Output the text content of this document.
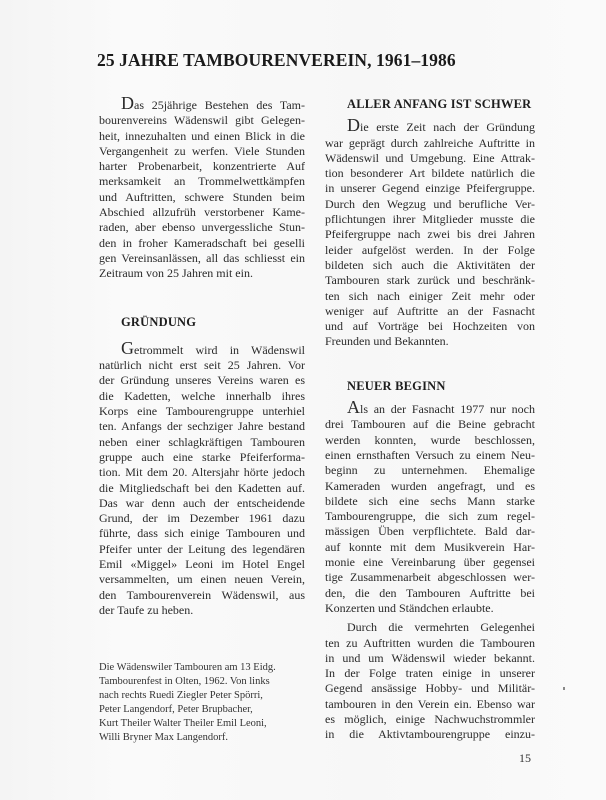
25 JAHRE TAMBOURENVEREIN, 1961–1986
Das 25jährige Bestehen des Tam-
bourenvereins Wädenswil gibt Gelegen-
heit, innezuhalten und einen Blick in die
Vergangenheit zu werfen. Viele Stunden
harter Probenarbeit, konzentrierte Auf
merksamkeit an Trommelwettkämpfen
und Auftritten, schwere Stunden beim
Abschied allzufrüh verstorbener Kame-
raden, aber ebenso unvergessliche Stun-
den in froher Kameradschaft bei geselli
gen Vereinsanlässen, all das schliesst ein
Zeitraum von 25 Jahren mit ein.
GRÜNDUNG
Getrommelt wird in Wädenswil
natürlich nicht erst seit 25 Jahren. Vor
der Gründung unseres Vereins waren es
die Kadetten, welche innerhalb ihres
Korps eine Tambourengruppe unterhiel
ten. Anfangs der sechziger Jahre bestand
neben einer schlagkräftigen Tambouren
gruppe auch eine starke Pfeiferforma-
tion. Mit dem 20. Altersjahr hörte jedoch
die Mitgliedschaft bei den Kadetten auf.
Das war denn auch der entscheidende
Grund, der im Dezember 1961 dazu
führte, dass sich einige Tambouren und
Pfeifer unter der Leitung des legendären
Emil «Miggel» Leoni im Hotel Engel
versammelten, um einen neuen Verein,
den Tambourenverein Wädenswil, aus
der Taufe zu heben.
Die Wädenswiler Tambouren am 13 Eidg.
Tambourenfest in Olten, 1962. Von links
nach rechts Ruedi Ziegler Peter Spörri,
Peter Langendorf, Peter Brupbacher,
Kurt Theiler Walter Theiler Emil Leoni,
Willi Bryner Max Langendorf.
ALLER ANFANG IST SCHWER
Die erste Zeit nach der Gründung
war geprägt durch zahlreiche Auftritte in
Wädenswil und Umgebung. Eine Attrak-
tion besonderer Art bildete natürlich die
in unserer Gegend einzige Pfeifergruppe.
Durch den Wegzug und berufliche Ver-
pflichtungen ihrer Mitglieder musste die
Pfeifergruppe nach zwei bis drei Jahren
leider aufgelöst werden. In der Folge
bildeten sich auch die Aktivitäten der
Tambouren stark zurück und beschränk-
ten sich nach einiger Zeit mehr oder
weniger auf Auftritte an der Fasnacht
und auf Vorträge bei Hochzeiten von
Freunden und Bekannten.
NEUER BEGINN
Als an der Fasnacht 1977 nur noch
drei Tambouren auf die Beine gebracht
werden konnten, wurde beschlossen,
einen ernsthaften Versuch zu einem Neu-
beginn zu unternehmen. Ehemalige
Kameraden wurden angefragt, und es
bildete sich eine sechs Mann starke
Tambourengruppe, die sich zum regel-
mässigen Üben verpflichtete. Bald dar-
auf konnte mit dem Musikverein Har-
monie eine Vereinbarung über gegensei
tige Zusammenarbeit abgeschlossen wer-
den, die den Tambouren Auftritte bei
Konzerten und Ständchen erlaubte.
Durch die vermehrten Gelegenhei
ten zu Auftritten wurden die Tambouren
in und um Wädenswil wieder bekannt.
In der Folge traten einige in unserer
Gegend ansässige Hobby- und Militär-
tambouren in den Verein ein. Ebenso war
es möglich, einige Nachwuchstrommler
in die Aktivtambourengruppe einzu-
15
